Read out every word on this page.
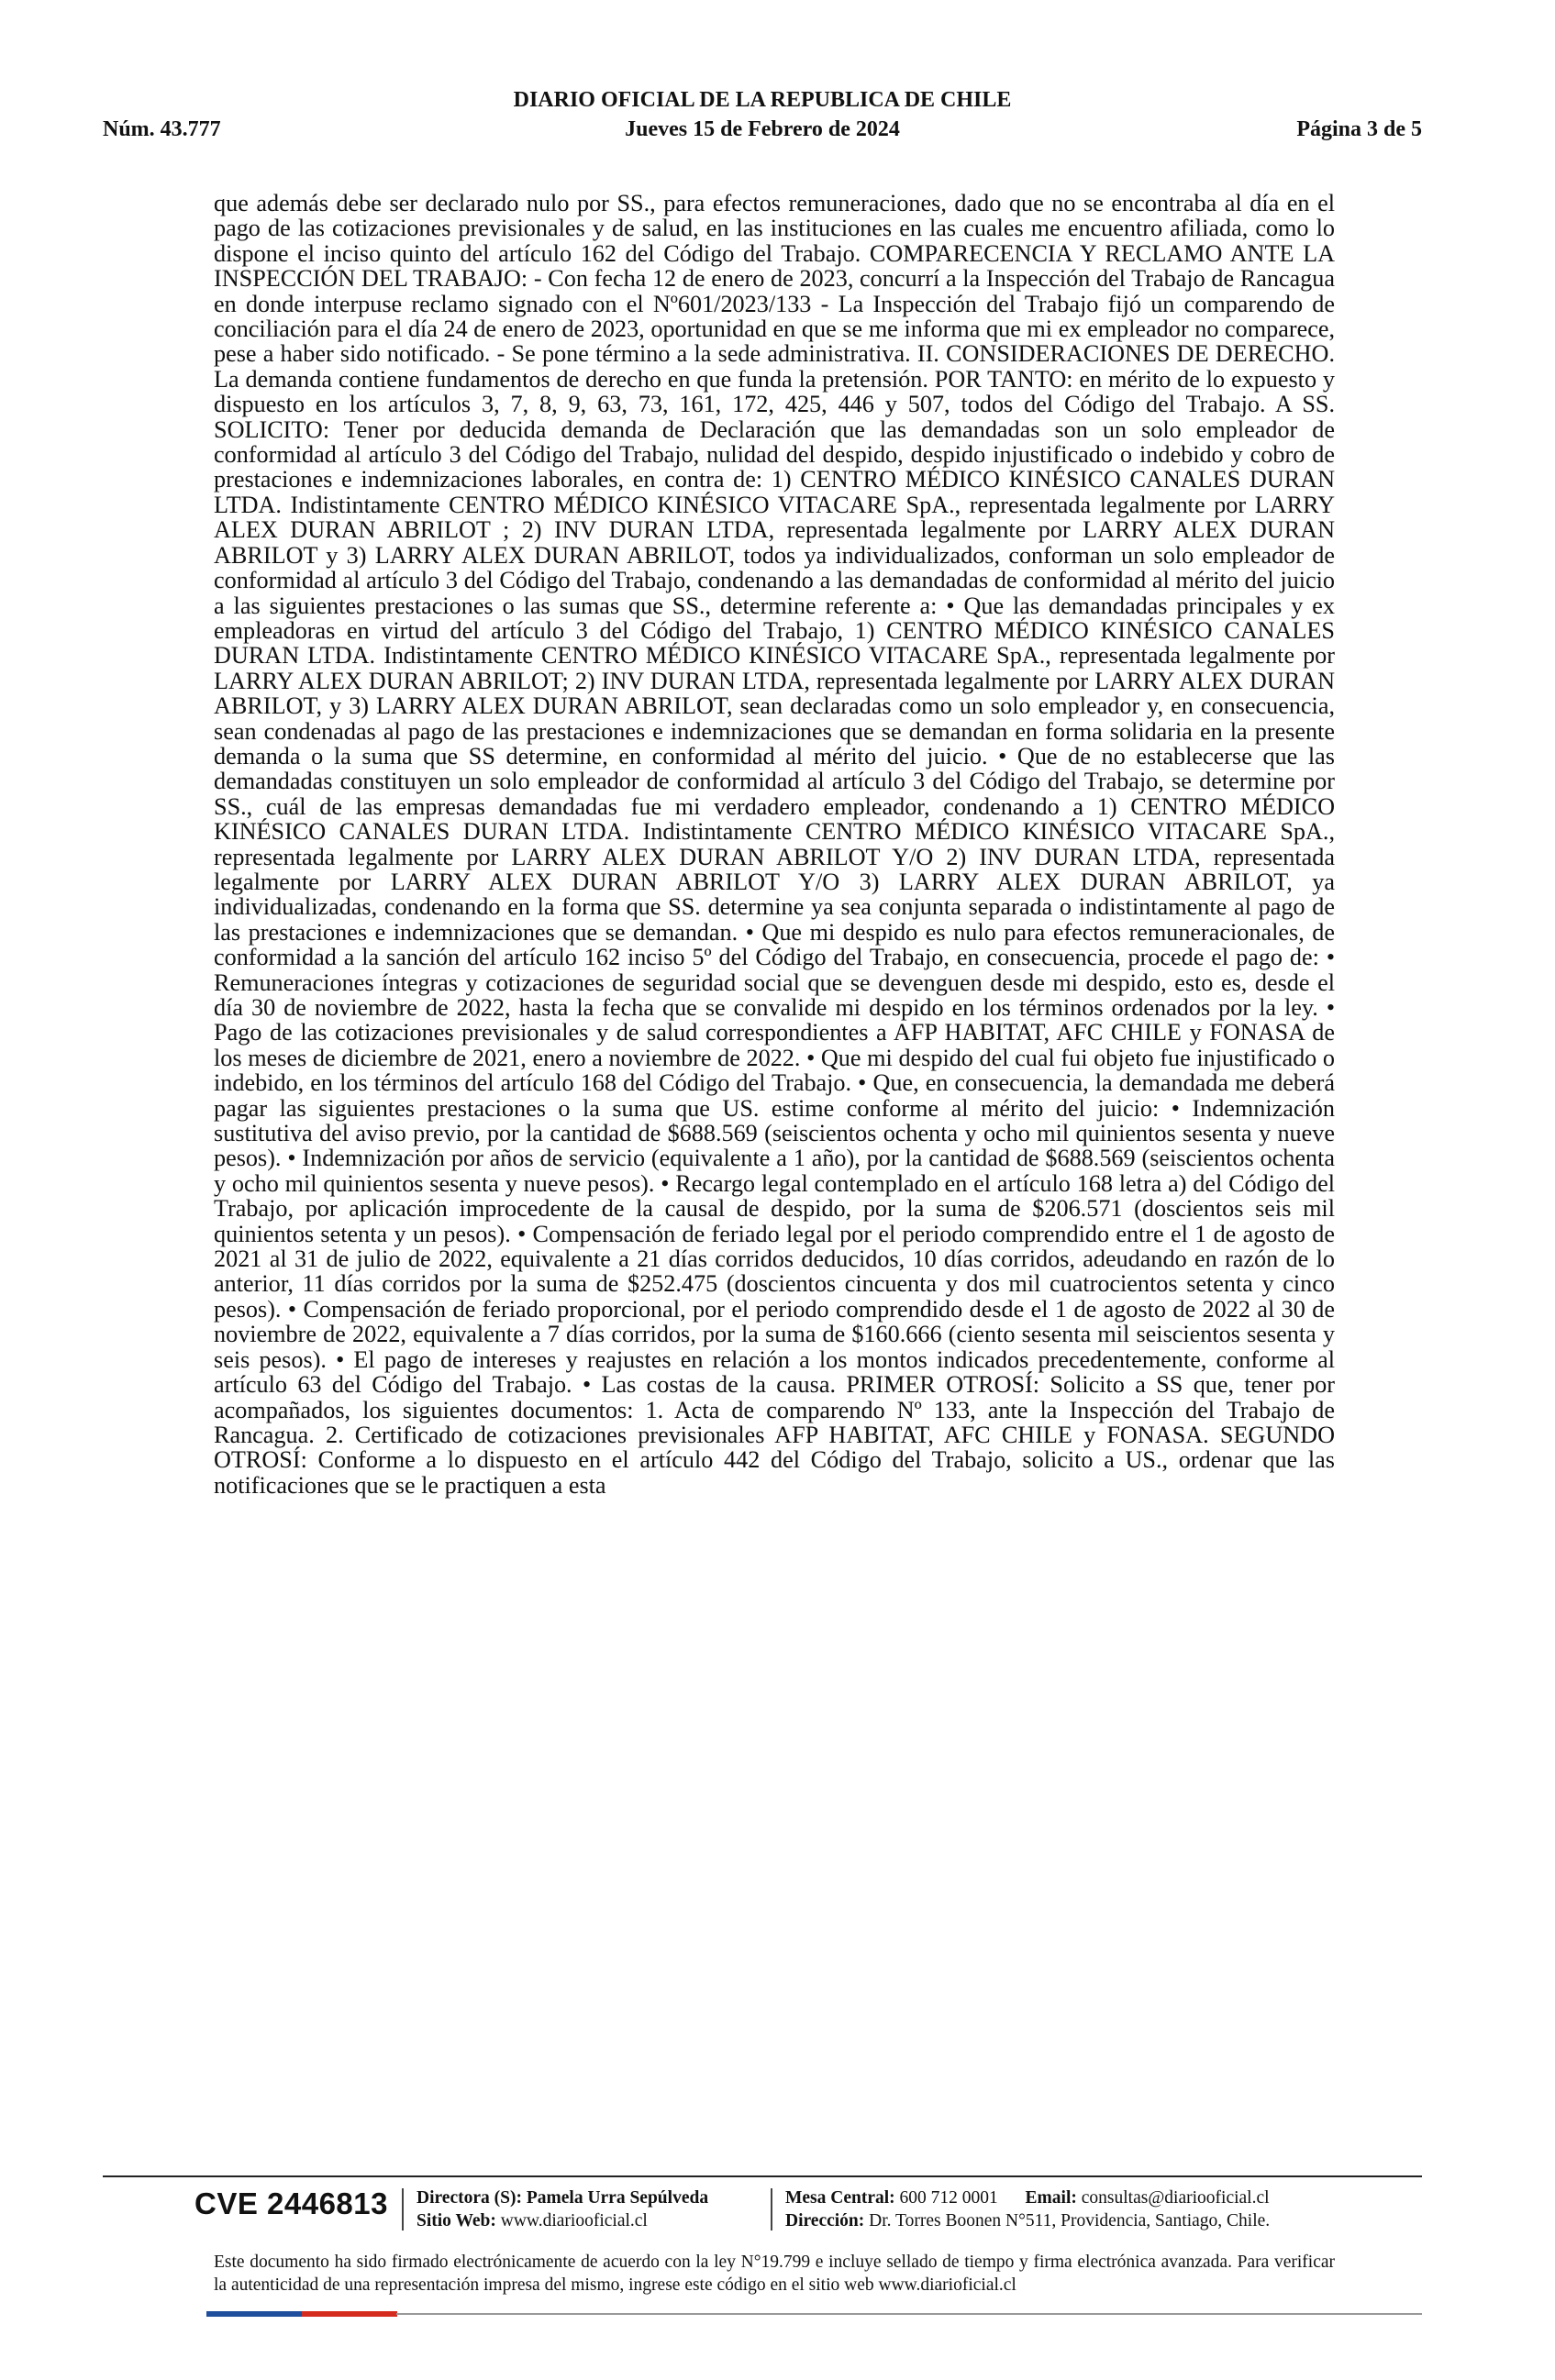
DIARIO OFICIAL DE LA REPUBLICA DE CHILE
Núm. 43.777	Jueves 15 de Febrero de 2024	Página 3 de 5

que además debe ser declarado nulo por SS., para efectos remuneraciones, dado que no se encontraba al día en el pago de las cotizaciones previsionales y de salud, en las instituciones en las cuales me encuentro afiliada, como lo dispone el inciso quinto del artículo 162 del Código del Trabajo. COMPARECENCIA Y RECLAMO ANTE LA INSPECCIÓN DEL TRABAJO: - Con fecha 12 de enero de 2023, concurrí a la Inspección del Trabajo de Rancagua en donde interpuse reclamo signado con el Nº601/2023/133 - La Inspección del Trabajo fijó un comparendo de conciliación para el día 24 de enero de 2023, oportunidad en que se me informa que mi ex empleador no comparece, pese a haber sido notificado. - Se pone término a la sede administrativa. II. CONSIDERACIONES DE DERECHO. La demanda contiene fundamentos de derecho en que funda la pretensión. POR TANTO: en mérito de lo expuesto y dispuesto en los artículos 3, 7, 8, 9, 63, 73, 161, 172, 425, 446 y 507, todos del Código del Trabajo. A SS. SOLICITO: Tener por deducida demanda de Declaración que las demandadas son un solo empleador de conformidad al artículo 3 del Código del Trabajo, nulidad del despido, despido injustificado o indebido y cobro de prestaciones e indemnizaciones laborales, en contra de: 1) CENTRO MÉDICO KINÉSICO CANALES DURAN LTDA. Indistintamente CENTRO MÉDICO KINÉSICO VITACARE SpA., representada legalmente por LARRY ALEX DURAN ABRILOT ; 2) INV DURAN LTDA, representada legalmente por LARRY ALEX DURAN ABRILOT y 3) LARRY ALEX DURAN ABRILOT, todos ya individualizados, conforman un solo empleador de conformidad al artículo 3 del Código del Trabajo, condenando a las demandadas de conformidad al mérito del juicio a las siguientes prestaciones o las sumas que SS., determine referente a: • Que las demandadas principales y ex empleadoras en virtud del artículo 3 del Código del Trabajo, 1) CENTRO MÉDICO KINÉSICO CANALES DURAN LTDA. Indistintamente CENTRO MÉDICO KINÉSICO VITACARE SpA., representada legalmente por LARRY ALEX DURAN ABRILOT; 2) INV DURAN LTDA, representada legalmente por LARRY ALEX DURAN ABRILOT, y 3) LARRY ALEX DURAN ABRILOT, sean declaradas como un solo empleador y, en consecuencia, sean condenadas al pago de las prestaciones e indemnizaciones que se demandan en forma solidaria en la presente demanda o la suma que SS determine, en conformidad al mérito del juicio. • Que de no establecerse que las demandadas constituyen un solo empleador de conformidad al artículo 3 del Código del Trabajo, se determine por SS., cuál de las empresas demandadas fue mi verdadero empleador, condenando a 1) CENTRO MÉDICO KINÉSICO CANALES DURAN LTDA. Indistintamente CENTRO MÉDICO KINÉSICO VITACARE SpA., representada legalmente por LARRY ALEX DURAN ABRILOT Y/O 2) INV DURAN LTDA, representada legalmente por LARRY ALEX DURAN ABRILOT Y/O 3) LARRY ALEX DURAN ABRILOT, ya individualizadas, condenando en la forma que SS. determine ya sea conjunta separada o indistintamente al pago de las prestaciones e indemnizaciones que se demandan. • Que mi despido es nulo para efectos remuneracionales, de conformidad a la sanción del artículo 162 inciso 5º del Código del Trabajo, en consecuencia, procede el pago de: • Remuneraciones íntegras y cotizaciones de seguridad social que se devenguen desde mi despido, esto es, desde el día 30 de noviembre de 2022, hasta la fecha que se convalide mi despido en los términos ordenados por la ley. • Pago de las cotizaciones previsionales y de salud correspondientes a AFP HABITAT, AFC CHILE y FONASA de los meses de diciembre de 2021, enero a noviembre de 2022. • Que mi despido del cual fui objeto fue injustificado o indebido, en los términos del artículo 168 del Código del Trabajo. • Que, en consecuencia, la demandada me deberá pagar las siguientes prestaciones o la suma que US. estime conforme al mérito del juicio: • Indemnización sustitutiva del aviso previo, por la cantidad de $688.569 (seiscientos ochenta y ocho mil quinientos sesenta y nueve pesos). • Indemnización por años de servicio (equivalente a 1 año), por la cantidad de $688.569 (seiscientos ochenta y ocho mil quinientos sesenta y nueve pesos). • Recargo legal contemplado en el artículo 168 letra a) del Código del Trabajo, por aplicación improcedente de la causal de despido, por la suma de $206.571 (doscientos seis mil quinientos setenta y un pesos). • Compensación de feriado legal por el periodo comprendido entre el 1 de agosto de 2021 al 31 de julio de 2022, equivalente a 21 días corridos deducidos, 10 días corridos, adeudando en razón de lo anterior, 11 días corridos por la suma de $252.475 (doscientos cincuenta y dos mil cuatrocientos setenta y cinco pesos). • Compensación de feriado proporcional, por el periodo comprendido desde el 1 de agosto de 2022 al 30 de noviembre de 2022, equivalente a 7 días corridos, por la suma de $160.666 (ciento sesenta mil seiscientos sesenta y seis pesos). • El pago de intereses y reajustes en relación a los montos indicados precedentemente, conforme al artículo 63 del Código del Trabajo. • Las costas de la causa. PRIMER OTROSÍ: Solicito a SS que, tener por acompañados, los siguientes documentos: 1. Acta de comparendo Nº 133, ante la Inspección del Trabajo de Rancagua. 2. Certificado de cotizaciones previsionales AFP HABITAT, AFC CHILE y FONASA. SEGUNDO OTROSÍ: Conforme a lo dispuesto en el artículo 442 del Código del Trabajo, solicito a US., ordenar que las notificaciones que se le practiquen a esta

CVE 2446813 Directora (S): Pamela Urra Sepúlveda
Sitio Web: www.diariooficial.cl
Mesa Central: 600 712 0001 Email: consultas@diariooficial.cl
Dirección: Dr. Torres Boonen N°511, Providencia, Santiago, Chile.

Este documento ha sido firmado electrónicamente de acuerdo con la ley N°19.799 e incluye sellado de tiempo y firma electrónica avanzada. Para verificar la autenticidad de una representación impresa del mismo, ingrese este código en el sitio web www.diarioficial.cl
